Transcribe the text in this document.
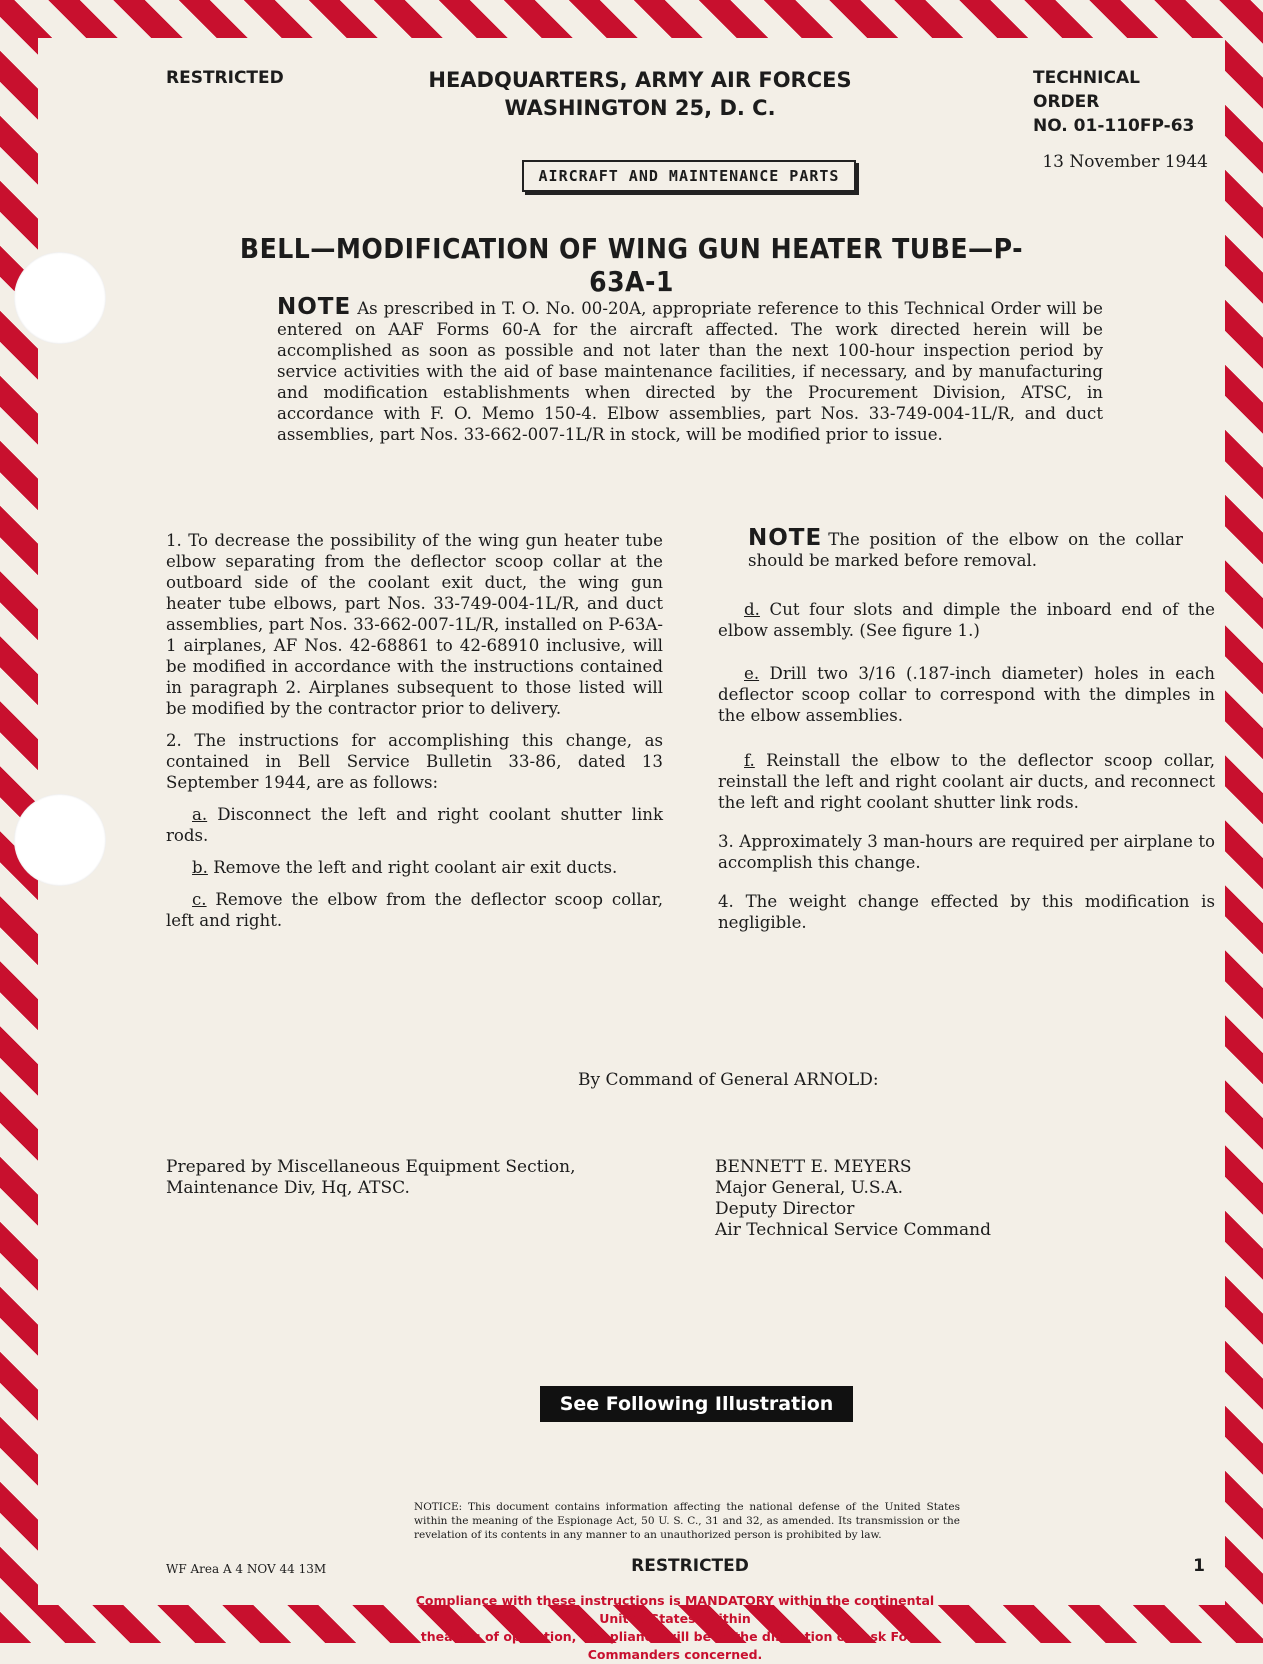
RESTRICTED	HEADQUARTERS, ARMY AIR FORCES
WASHINGTON 25, D. C.
TECHNICAL ORDER
NO. 01-110FP-63
13 November 1944
AIRCRAFT AND MAINTENANCE PARTS
BELL—MODIFICATION OF WING GUN HEATER TUBE—P-63A-1
NOTE As prescribed in T. O. No. 00-20A, appropriate reference to this Technical Order will be entered on AAF Forms 60-A for the aircraft affected. The work directed herein will be accomplished as soon as possible and not later than the next 100-hour inspection period by service activities with the aid of base maintenance facilities, if necessary, and by manufacturing and modification establishments when directed by the Procurement Division, ATSC, in accordance with F. O. Memo 150-4. Elbow assemblies, part Nos. 33-749-004-1L/R, and duct assemblies, part Nos. 33-662-007-1L/R in stock, will be modified prior to issue.

1. To decrease the possibility of the wing gun heater tube elbow separating from the deflector scoop collar at the outboard side of the coolant exit duct, the wing gun heater tube elbows, part Nos. 33-749-004-1L/R, and duct assemblies, part Nos. 33-662-007-1L/R, installed on P-63A-1 airplanes, AF Nos. 42-68861 to 42-68910 inclusive, will be modified in accordance with the instructions contained in paragraph 2. Airplanes subsequent to those listed will be modified by the contractor prior to delivery.

2. The instructions for accomplishing this change, as contained in Bell Service Bulletin 33-86, dated 13 September 1944, are as follows:

a. Disconnect the left and right coolant shutter link rods.

b. Remove the left and right coolant air exit ducts.

c. Remove the elbow from the deflector scoop collar, left and right.

NOTE The position of the elbow on the collar should be marked before removal.

d. Cut four slots and dimple the inboard end of the elbow assembly. (See figure 1.)

e. Drill two 3/16 (.187-inch diameter) holes in each deflector scoop collar to correspond with the dimples in the elbow assemblies.

f. Reinstall the elbow to the deflector scoop collar, reinstall the left and right coolant air ducts, and reconnect the left and right coolant shutter link rods.

3. Approximately 3 man-hours are required per airplane to accomplish this change.

4. The weight change effected by this modification is negligible.

By Command of General ARNOLD:
Prepared by Miscellaneous Equipment Section,
Maintenance Div, Hq, ATSC.
BENNETT E. MEYERS
Major General, U.S.A.
Deputy Director
Air Technical Service Command
See Following Illustration
NOTICE: This document contains information affecting the national defense of the United States within the meaning of the Espionage Act, 50 U. S. C., 31 and 32, as amended. Its transmission or the revelation of its contents in any manner to an unauthorized person is prohibited by law.
WF Area A 4 NOV 44 13M	RESTRICTED	1
Compliance with these instructions is MANDATORY within the continental United States. Within
theaters of operation, compliance will be at the discretion of Task Force Commanders concerned.
